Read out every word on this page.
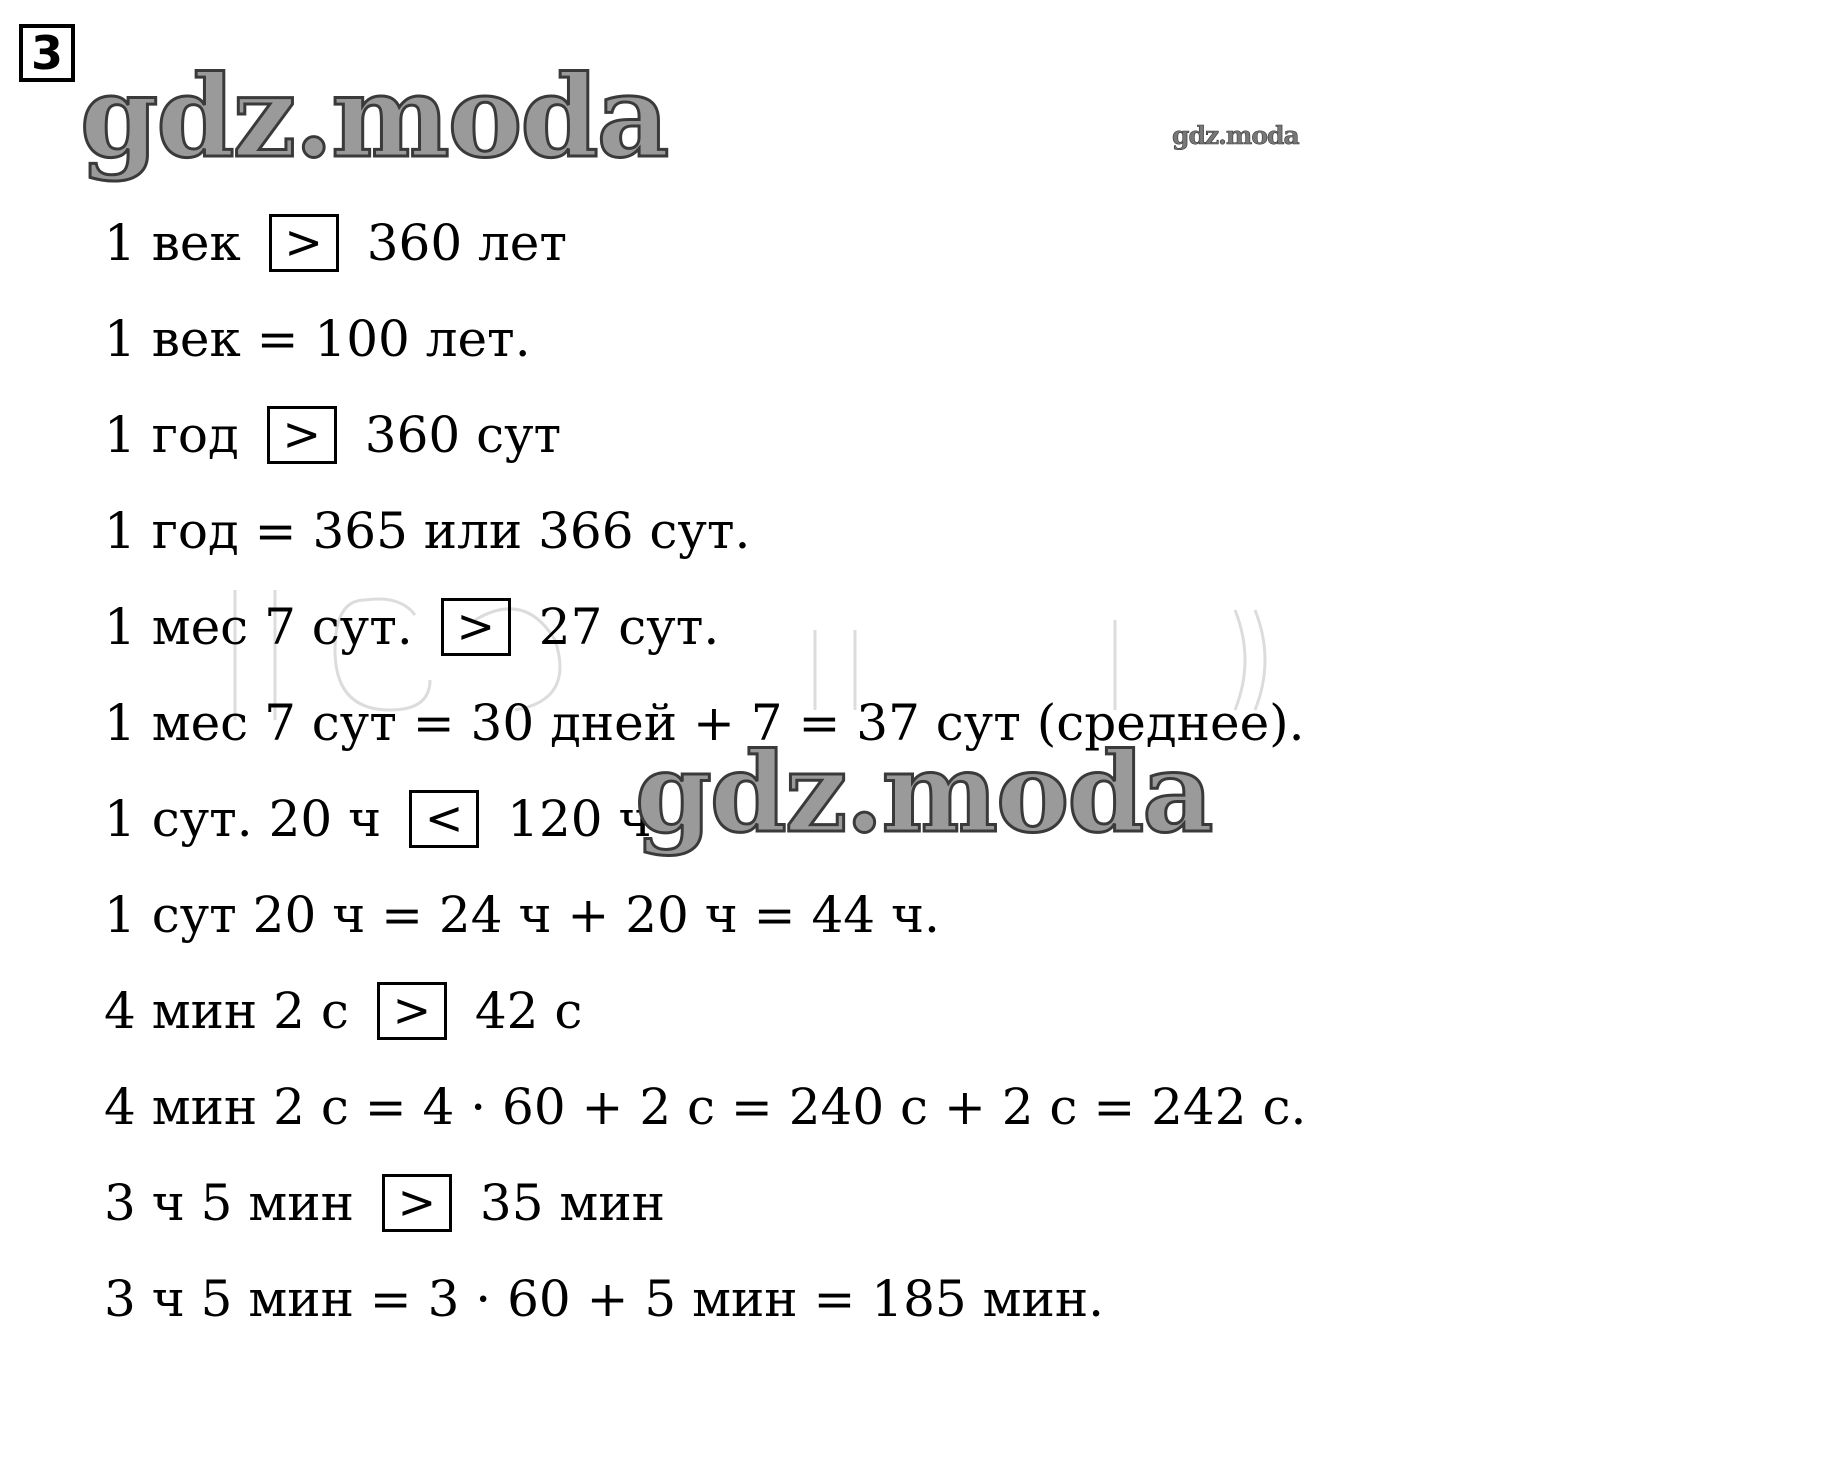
3 gdz.moda	gdz.moda
1 век > 360 лет
1 век = 100 лет.
1 год > 360 сут
1 год = 365 или 366 сут.
1 мес 7 сут. > 27 сут.
1 мес 7 сут = 30 дней + 7 = 37 сут (среднее).
1 сут. 20 ч < 120 ч
1 сут 20 ч = 24 ч + 20 ч = 44 ч.
4 мин 2 с > 42 с
4 мин 2 с = 4 · 60 + 2 с = 240 с + 2 с = 242 с.
3 ч 5 мин > 35 мин
3 ч 5 мин = 3 · 60 + 5 мин = 185 мин.
gdz.moda
